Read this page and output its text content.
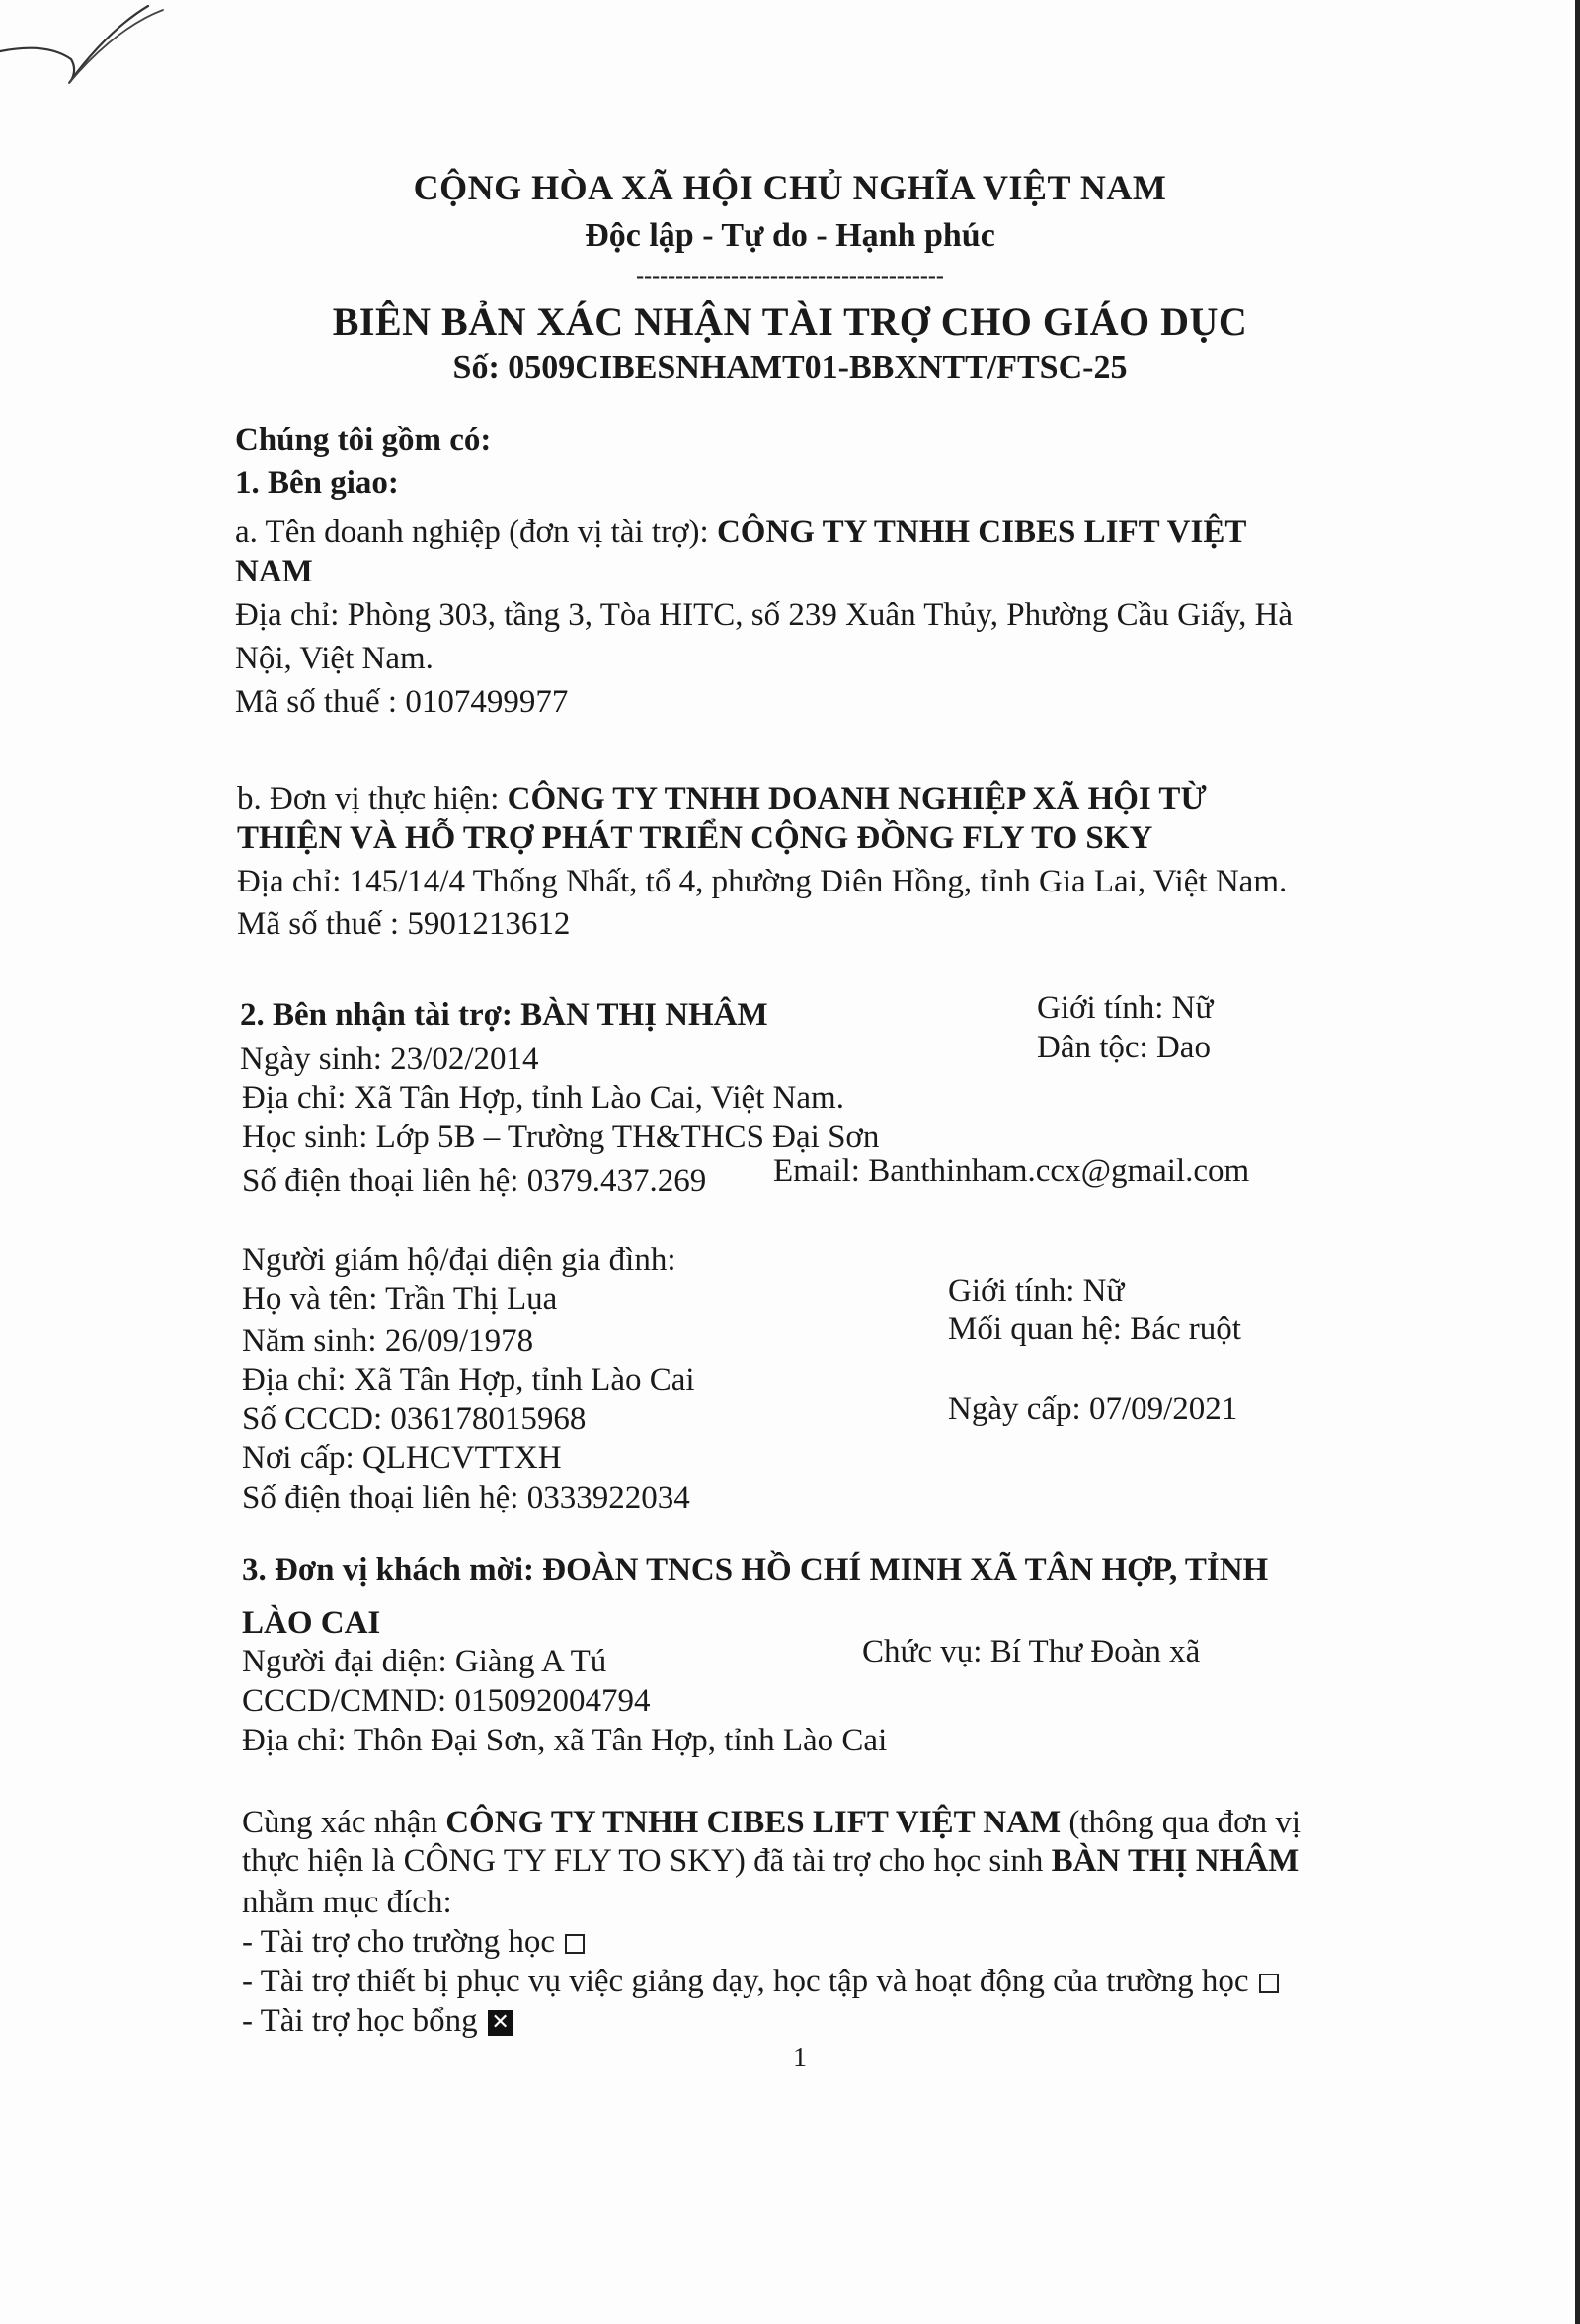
CỘNG HÒA XÃ HỘI CHỦ NGHĨA VIỆT NAM
Độc lập - Tự do - Hạnh phúc
---------------------------------------
BIÊN BẢN XÁC NHẬN TÀI TRỢ CHO GIÁO DỤC
Số: 0509CIBESNHAMT01-BBXNTT/FTSC-25
Chúng tôi gồm có:
1. Bên giao:
a. Tên doanh nghiệp (đơn vị tài trợ): CÔNG TY TNHH CIBES LIFT VIỆT
NAM
Địa chỉ: Phòng 303, tầng 3, Tòa HITC, số 239 Xuân Thủy, Phường Cầu Giấy, Hà
Nội, Việt Nam.
Mã số thuế : 0107499977
b. Đơn vị thực hiện: CÔNG TY TNHH DOANH NGHIỆP XÃ HỘI TỪ
THIỆN VÀ HỖ TRỢ PHÁT TRIỂN CỘNG ĐỒNG FLY TO SKY
Địa chỉ: 145/14/4 Thống Nhất, tổ 4, phường Diên Hồng, tỉnh Gia Lai, Việt Nam.
Mã số thuế : 5901213612
2. Bên nhận tài trợ: BÀN THỊ NHÂM	Giới tính: Nữ
Ngày sinh: 23/02/2014	Dân tộc: Dao
Địa chỉ: Xã Tân Hợp, tỉnh Lào Cai, Việt Nam.
Học sinh: Lớp 5B – Trường TH&THCS Đại Sơn
Số điện thoại liên hệ: 0379.437.269 Email: Banthinham.ccx@gmail.com
Người giám hộ/đại diện gia đình:
Họ và tên: Trần Thị Lụa	Giới tính: Nữ
Năm sinh: 26/09/1978	Mối quan hệ: Bác ruột
Địa chỉ: Xã Tân Hợp, tỉnh Lào Cai
Số CCCD: 036178015968	Ngày cấp: 07/09/2021
Nơi cấp: QLHCVTTXH
Số điện thoại liên hệ: 0333922034
3. Đơn vị khách mời: ĐOÀN TNCS HỒ CHÍ MINH XÃ TÂN HỢP, TỈNH
LÀO CAI
Người đại diện: Giàng A Tú	Chức vụ: Bí Thư Đoàn xã
CCCD/CMND: 015092004794
Địa chỉ: Thôn Đại Sơn, xã Tân Hợp, tỉnh Lào Cai
Cùng xác nhận CÔNG TY TNHH CIBES LIFT VIỆT NAM (thông qua đơn vị
thực hiện là CÔNG TY FLY TO SKY) đã tài trợ cho học sinh BÀN THỊ NHÂM
nhằm mục đích:
- Tài trợ cho trường học
- Tài trợ thiết bị phục vụ việc giảng dạy, học tập và hoạt động của trường học
- Tài trợ học bổng ✕
1
